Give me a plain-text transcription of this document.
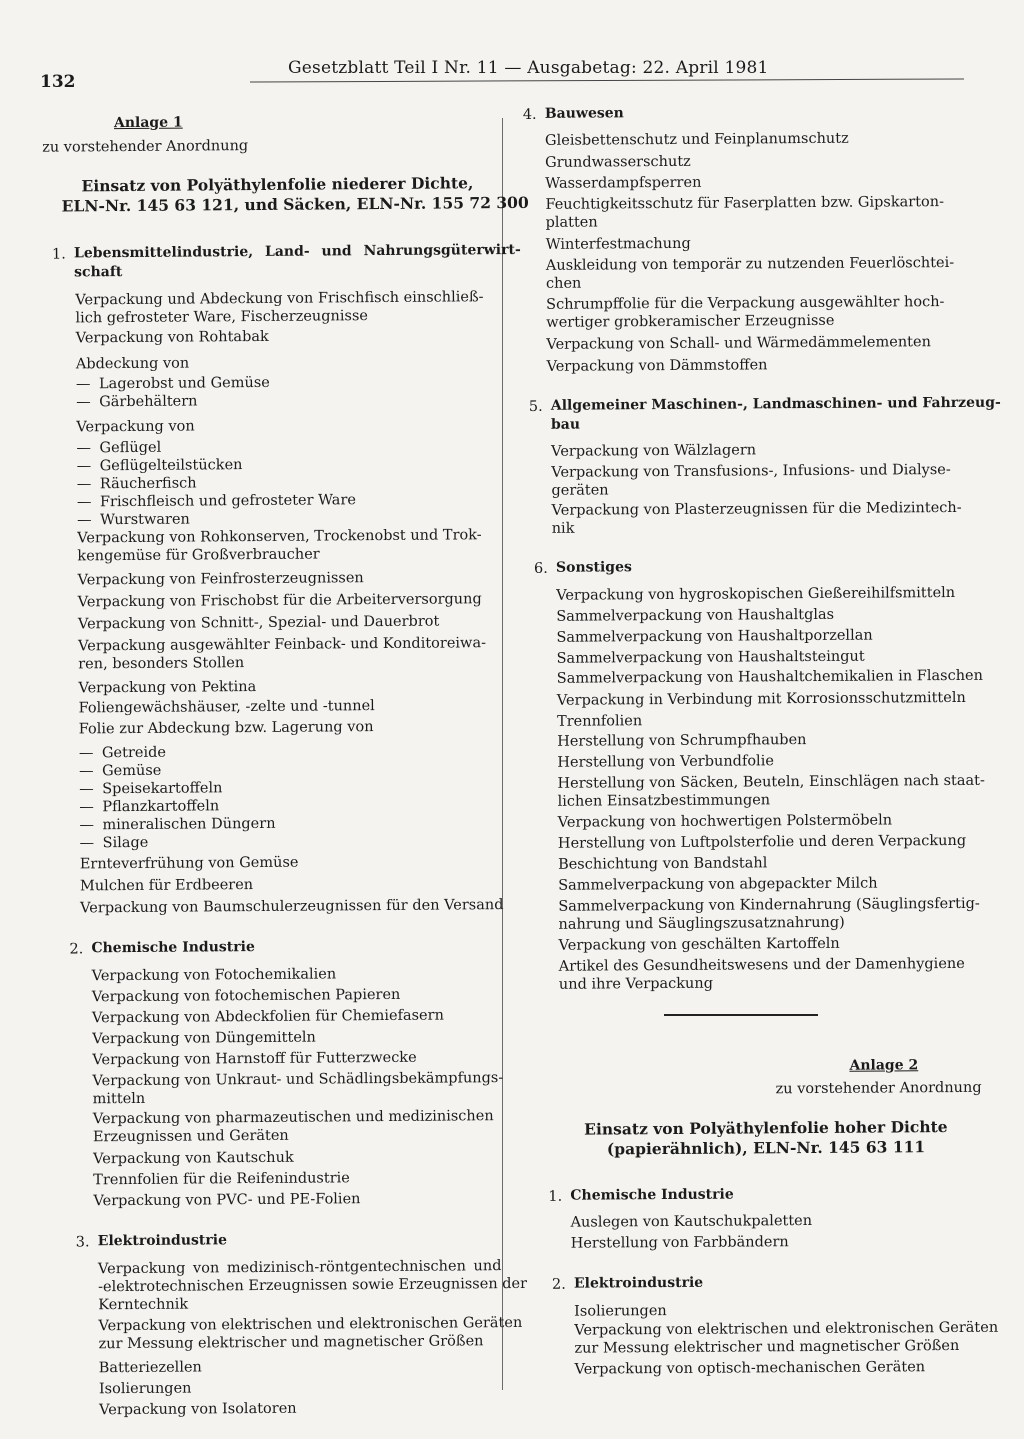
132
Gesetzblatt Teil I Nr. 11 — Ausgabetag: 22. April 1981
Anlage 1
zu vorstehender Anordnung
Einsatz von Polyäthylenfolie niederer Dichte,
ELN-Nr. 145 63 121, und Säcken, ELN-Nr. 155 72 300
1. Lebensmittelindustrie, Land- und Nahrungsgüterwirt-
schaft
Verpackung und Abdeckung von Frischfisch einschließ-
lich gefrosteter Ware, Fischerzeugnisse
Verpackung von Rohtabak
Abdeckung von
— Lagerobst und Gemüse
— Gärbehältern
Verpackung von
— Geflügel
— Geflügelteilstücken
— Räucherfisch
— Frischfleisch und gefrosteter Ware
— Wurstwaren
Verpackung von Rohkonserven, Trockenobst und Trok-
kengemüse für Großverbraucher
Verpackung von Feinfrosterzeugnissen
Verpackung von Frischobst für die Arbeiterversorgung
Verpackung von Schnitt-, Spezial- und Dauerbrot
Verpackung ausgewählter Feinback- und Konditoreiwa-
ren, besonders Stollen
Verpackung von Pektina
Foliengewächshäuser, -zelte und -tunnel
Folie zur Abdeckung bzw. Lagerung von
— Getreide
— Gemüse
— Speisekartoffeln
— Pflanzkartoffeln
— mineralischen Düngern
— Silage
Ernteverfrühung von Gemüse
Mulchen für Erdbeeren
Verpackung von Baumschulerzeugnissen für den Versand
2. Chemische Industrie
Verpackung von Fotochemikalien
Verpackung von fotochemischen Papieren
Verpackung von Abdeckfolien für Chemiefasern
Verpackung von Düngemitteln
Verpackung von Harnstoff für Futterzwecke
Verpackung von Unkraut- und Schädlingsbekämpfungs-
mitteln
Verpackung von pharmazeutischen und medizinischen
Erzeugnissen und Geräten
Verpackung von Kautschuk
Trennfolien für die Reifenindustrie
Verpackung von PVC- und PE-Folien
3. Elektroindustrie
Verpackung von medizinisch-röntgentechnischen und
-elektrotechnischen Erzeugnissen sowie Erzeugnissen der
Kerntechnik
Verpackung von elektrischen und elektronischen Geräten
zur Messung elektrischer und magnetischer Größen
Batteriezellen
Isolierungen
Verpackung von Isolatoren
4. Bauwesen
Gleisbettenschutz und Feinplanumschutz
Grundwasserschutz
Wasserdampfsperren
Feuchtigkeitsschutz für Faserplatten bzw. Gipskarton-
platten
Winterfestmachung
Auskleidung von temporär zu nutzenden Feuerlöschtei-
chen
Schrumpffolie für die Verpackung ausgewählter hoch-
wertiger grobkeramischer Erzeugnisse
Verpackung von Schall- und Wärmedämmelementen
Verpackung von Dämmstoffen
5. Allgemeiner Maschinen-, Landmaschinen- und Fahrzeug-
bau
Verpackung von Wälzlagern
Verpackung von Transfusions-, Infusions- und Dialyse-
geräten
Verpackung von Plasterzeugnissen für die Medizintech-
nik
6. Sonstiges
Verpackung von hygroskopischen Gießereihilfsmitteln
Sammelverpackung von Haushaltglas
Sammelverpackung von Haushaltporzellan
Sammelverpackung von Haushaltsteingut
Sammelverpackung von Haushaltchemikalien in Flaschen
Verpackung in Verbindung mit Korrosionsschutzmitteln
Trennfolien
Herstellung von Schrumpfhauben
Herstellung von Verbundfolie
Herstellung von Säcken, Beuteln, Einschlägen nach staat-
lichen Einsatzbestimmungen
Verpackung von hochwertigen Polstermöbeln
Herstellung von Luftpolsterfolie und deren Verpackung
Beschichtung von Bandstahl
Sammelverpackung von abgepackter Milch
Sammelverpackung von Kindernahrung (Säuglingsfertig-
nahrung und Säuglingszusatznahrung)
Verpackung von geschälten Kartoffeln
Artikel des Gesundheitswesens und der Damenhygiene
und ihre Verpackung
Anlage 2
zu vorstehender Anordnung
Einsatz von Polyäthylenfolie hoher Dichte
(papierähnlich), ELN-Nr. 145 63 111
1. Chemische Industrie
Auslegen von Kautschukpaletten
Herstellung von Farbbändern
2. Elektroindustrie
Isolierungen
Verpackung von elektrischen und elektronischen Geräten
zur Messung elektrischer und magnetischer Größen
Verpackung von optisch-mechanischen Geräten
